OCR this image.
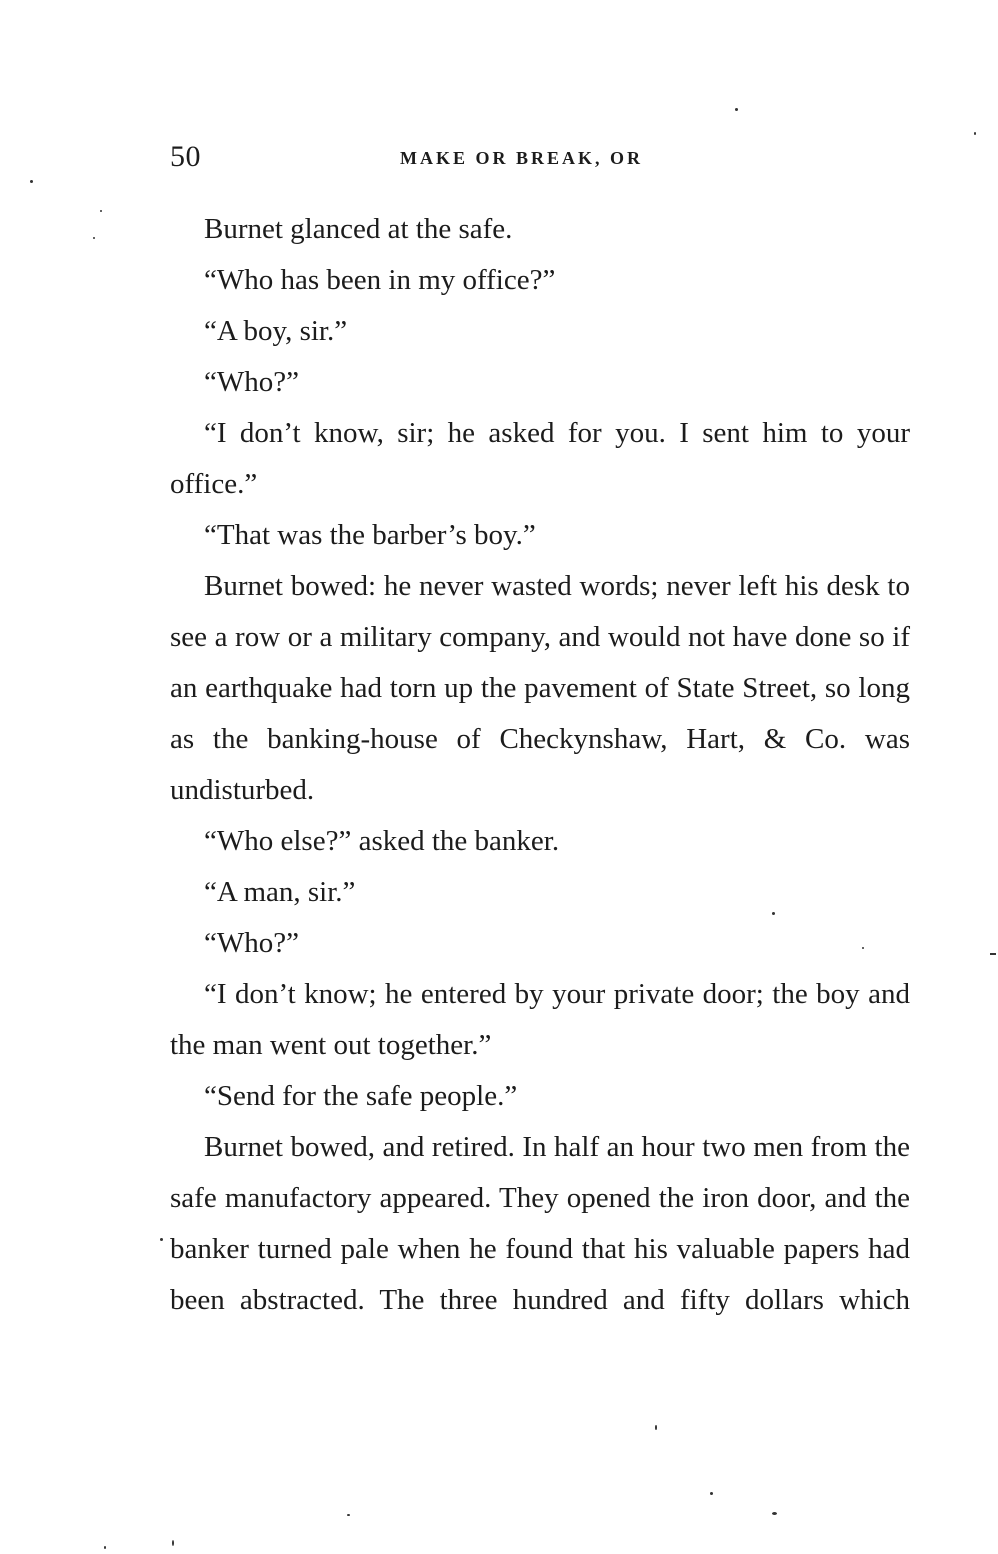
50	MAKE OR BREAK, OR

Burnet glanced at the safe.

“Who has been in my office?”

“A boy, sir.”

“Who?”

“I don’t know, sir; he asked for you. I sent him to your office.”

“That was the barber’s boy.”

Burnet bowed: he never wasted words; never left his desk to see a row or a military company, and would not have done so if an earthquake had torn up the pavement of State Street, so long as the banking-house of Checkynshaw, Hart, & Co. was undisturbed.

“Who else?” asked the banker.

“A man, sir.”

“Who?”

“I don’t know; he entered by your private door; the boy and the man went out together.”

“Send for the safe people.”

Burnet bowed, and retired. In half an hour two men from the safe manufactory appeared. They opened the iron door, and the banker turned pale when he found that his valuable papers had been abstracted. The three hundred and fifty dollars which
